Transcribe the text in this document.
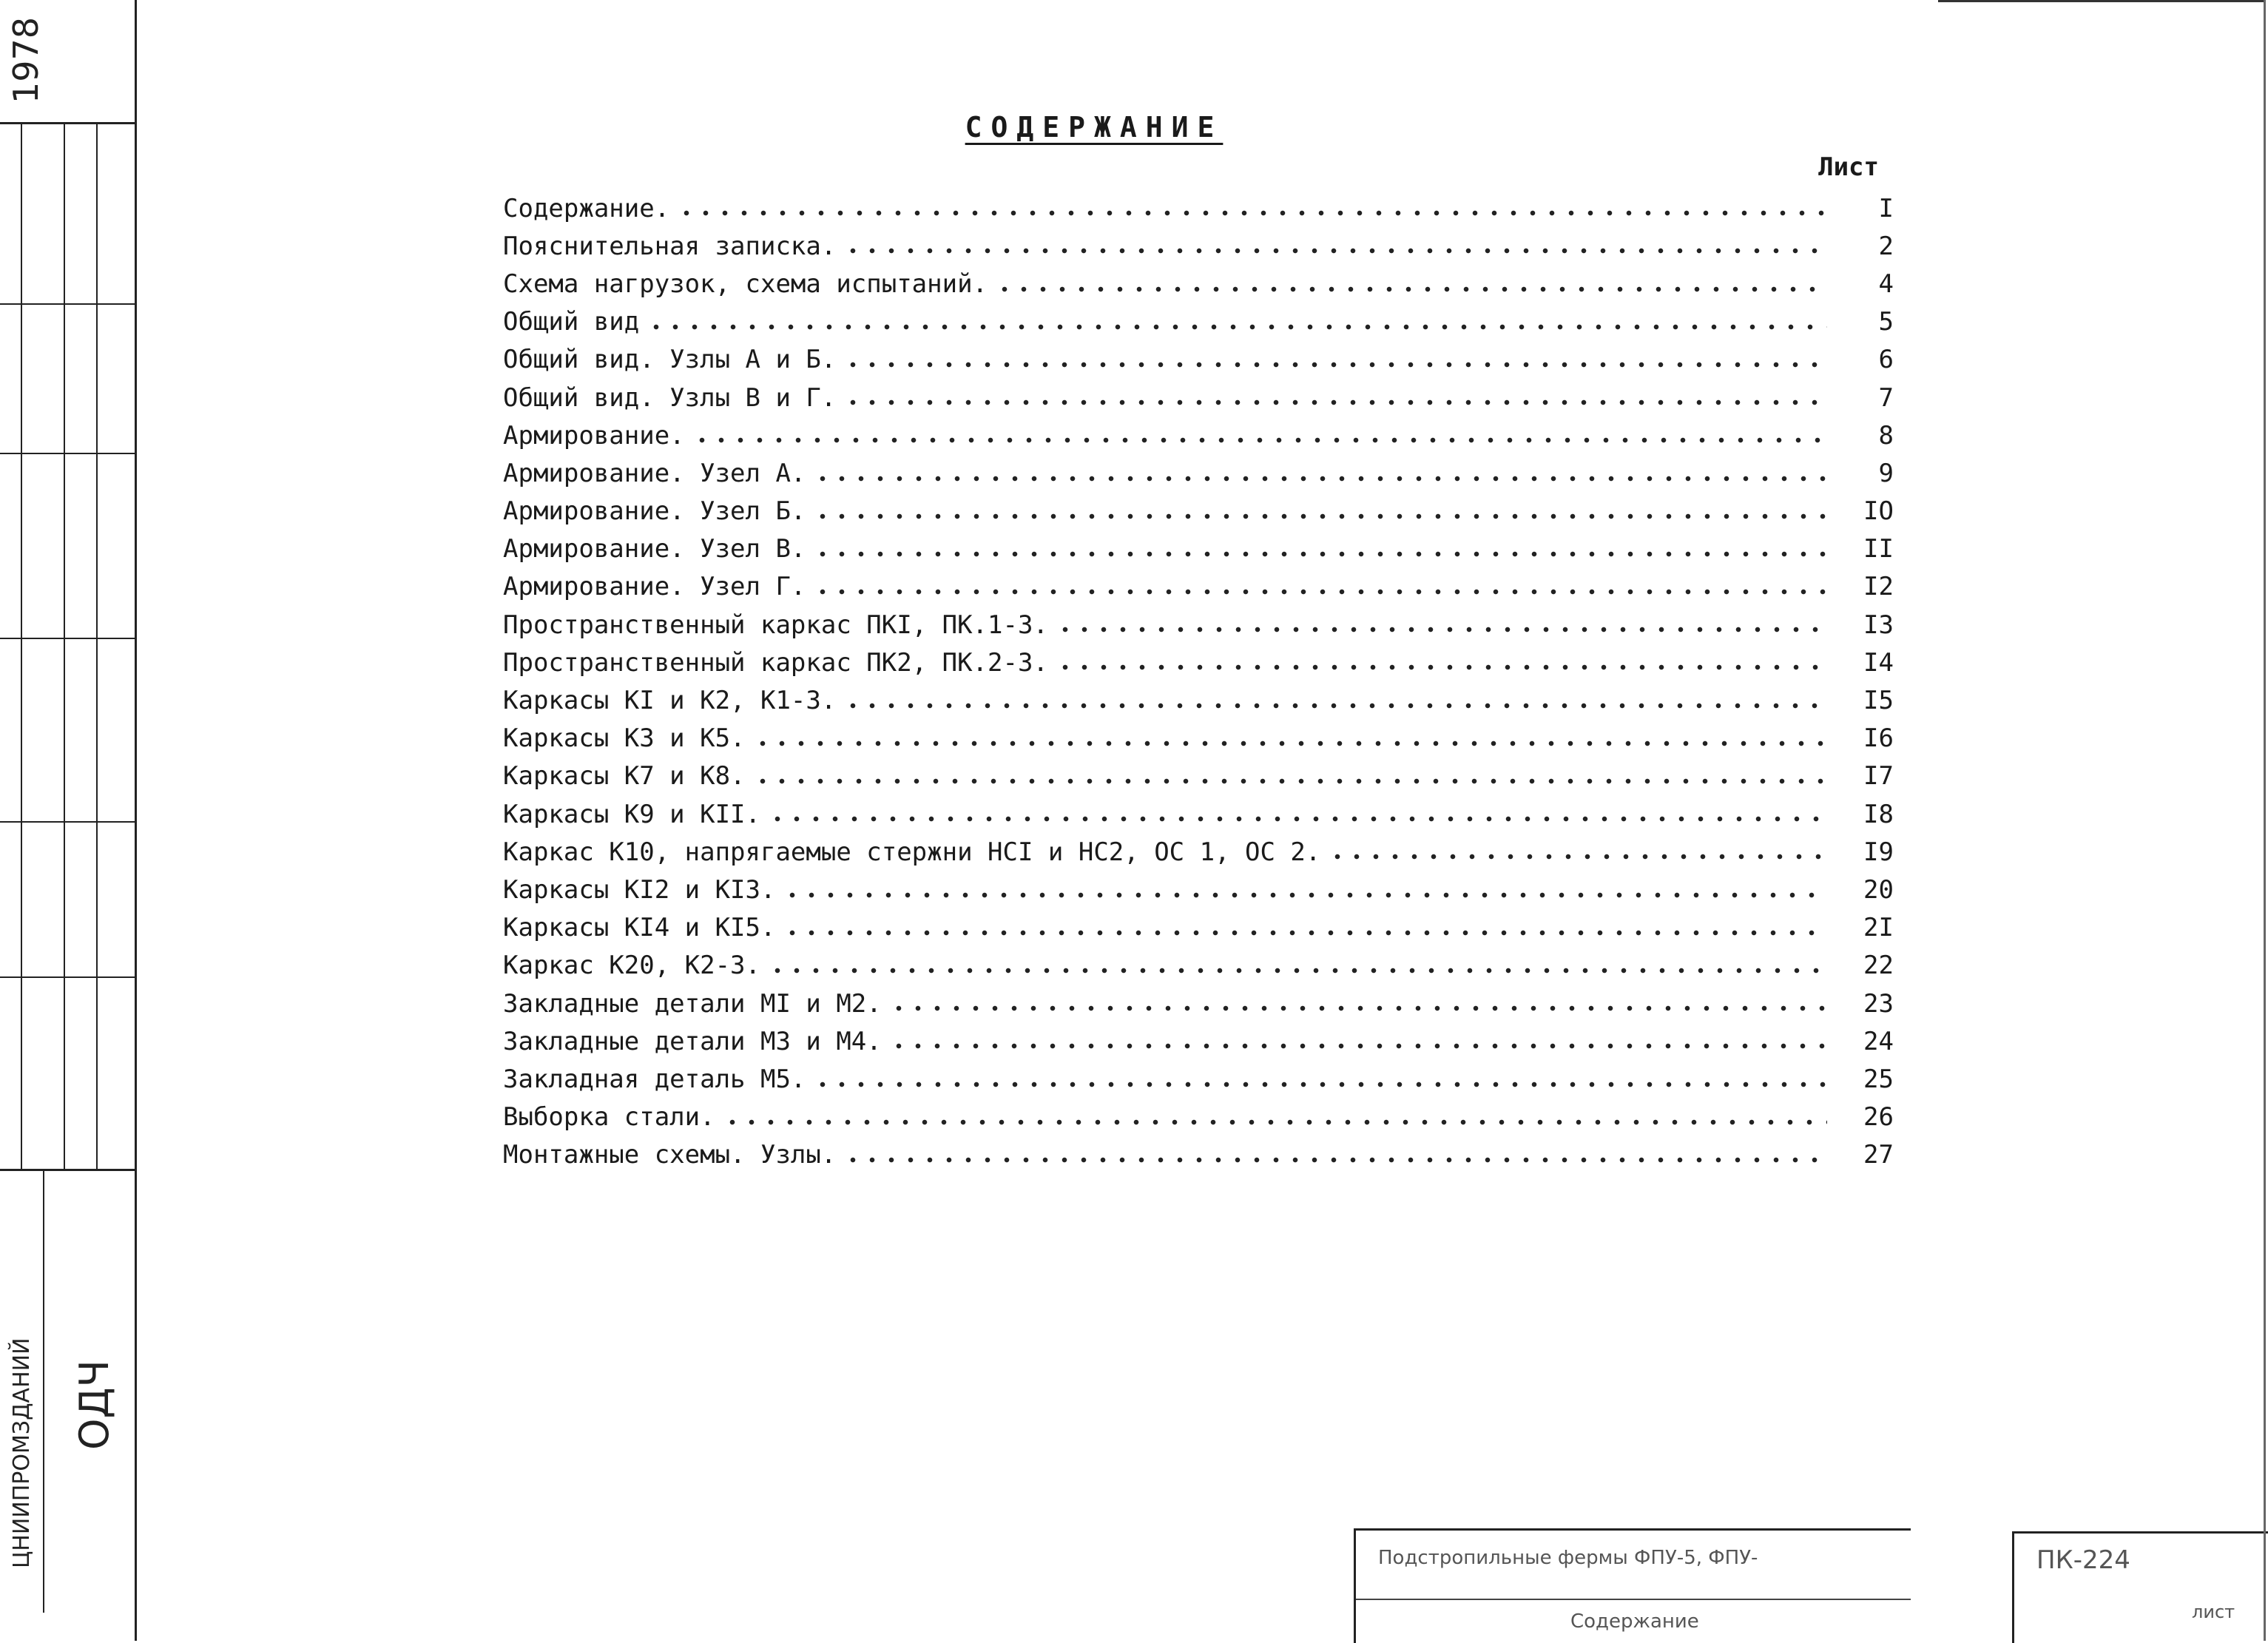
1978
ЦНИИПРОМЗДАНИЙ ОДЧ
СОДЕРЖАНИЕ
Лист
Содержание.	I
Пояснительная записка.	2
Схема нагрузок, схема испытаний.	4
Общий вид	5
Общий вид. Узлы А и Б.	6
Общий вид. Узлы В и Г.	7
Армирование.	8
Армирование. Узел А.	9
Армирование. Узел Б.	IO
Армирование. Узел В.	II
Армирование. Узел Г.	I2
Пространственный каркас ПКI, ПК.1-3.	I3
Пространственный каркас ПК2, ПК.2-3.	I4
Каркасы КI и К2, К1-3.	I5
Каркасы К3 и К5.	I6
Каркасы К7 и К8.	I7
Каркасы К9 и КII.	I8
Каркас К10, напрягаемые стержни НСI и НС2, ОС 1, ОС 2.	I9
Каркасы КI2 и КI3.	20
Каркасы КI4 и КI5.	2I
Каркас К20, К2-3.	22
Закладные детали МI и М2.	23
Закладные детали М3 и М4.	24
Закладная деталь М5.	25
Выборка стали.	26
Монтажные схемы. Узлы.	27
Подстропильные фермы ФПУ-5, ФПУ-
Содержание
ПК-224
лист
